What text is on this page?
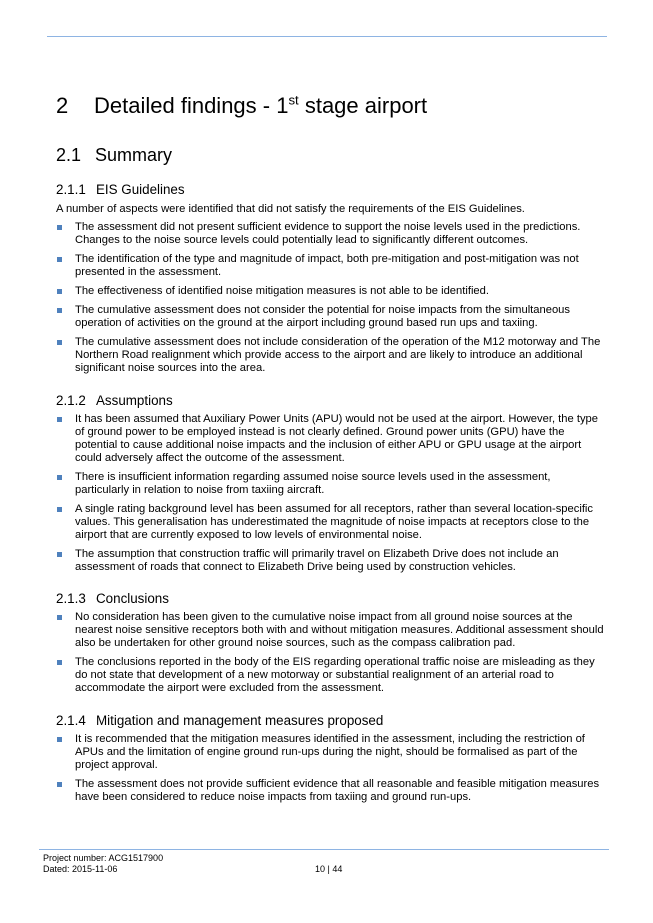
2 Detailed findings - 1st stage airport
2.1 Summary
2.1.1 EIS Guidelines
A number of aspects were identified that did not satisfy the requirements of the EIS Guidelines.
The assessment did not present sufficient evidence to support the noise levels used in the predictions.
Changes to the noise source levels could potentially lead to significantly different outcomes.
The identification of the type and magnitude of impact, both pre-mitigation and post-mitigation was not
presented in the assessment.
The effectiveness of identified noise mitigation measures is not able to be identified.
The cumulative assessment does not consider the potential for noise impacts from the simultaneous
operation of activities on the ground at the airport including ground based run ups and taxiing.
The cumulative assessment does not include consideration of the operation of the M12 motorway and The
Northern Road realignment which provide access to the airport and are likely to introduce an additional
significant noise sources into the area.
2.1.2 Assumptions
It has been assumed that Auxiliary Power Units (APU) would not be used at the airport. However, the type
of ground power to be employed instead is not clearly defined. Ground power units (GPU) have the
potential to cause additional noise impacts and the inclusion of either APU or GPU usage at the airport
could adversely affect the outcome of the assessment.
There is insufficient information regarding assumed noise source levels used in the assessment,
particularly in relation to noise from taxiing aircraft.
A single rating background level has been assumed for all receptors, rather than several location-specific
values. This generalisation has underestimated the magnitude of noise impacts at receptors close to the
airport that are currently exposed to low levels of environmental noise.
The assumption that construction traffic will primarily travel on Elizabeth Drive does not include an
assessment of roads that connect to Elizabeth Drive being used by construction vehicles.
2.1.3 Conclusions
No consideration has been given to the cumulative noise impact from all ground noise sources at the
nearest noise sensitive receptors both with and without mitigation measures. Additional assessment should
also be undertaken for other ground noise sources, such as the compass calibration pad.
The conclusions reported in the body of the EIS regarding operational traffic noise are misleading as they
do not state that development of a new motorway or substantial realignment of an arterial road to
accommodate the airport were excluded from the assessment.
2.1.4 Mitigation and management measures proposed
It is recommended that the mitigation measures identified in the assessment, including the restriction of
APUs and the limitation of engine ground run-ups during the night, should be formalised as part of the
project approval.
The assessment does not provide sufficient evidence that all reasonable and feasible mitigation measures
have been considered to reduce noise impacts from taxiing and ground run-ups.
Project number: ACG1517900
Dated: 2015-11-06	10 | 44
